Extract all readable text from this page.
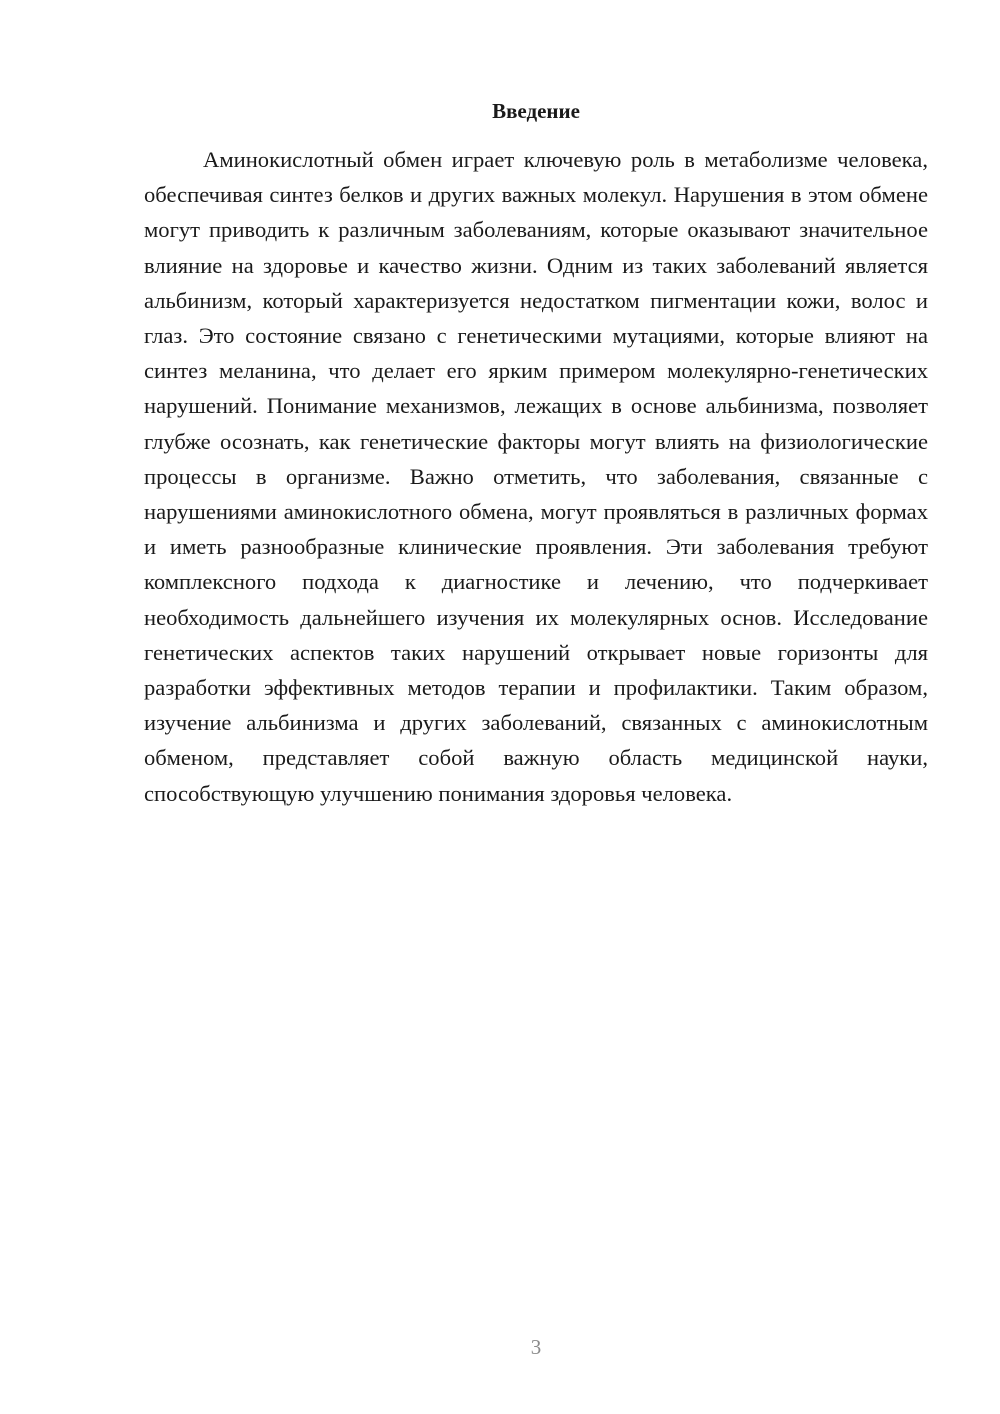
Введение

Аминокислотный обмен играет ключевую роль в метаболизме человека, обеспечивая синтез белков и других важных молекул. Нарушения в этом обмене могут приводить к различным заболеваниям, которые оказывают значительное влияние на здоровье и качество жизни. Одним из таких заболеваний является альбинизм, который характеризуется недостатком пигментации кожи, волос и глаз. Это состояние связано с генетическими мутациями, которые влияют на синтез меланина, что делает его ярким примером молекулярно-генетических нарушений. Понимание механизмов, лежащих в основе альбинизма, позволяет глубже осознать, как генетические факторы могут влиять на физиологические процессы в организме. Важно отметить, что заболевания, связанные с нарушениями аминокислотного обмена, могут проявляться в различных формах и иметь разнообразные клинические проявления. Эти заболевания требуют комплексного подхода к диагностике и лечению, что подчеркивает необходимость дальнейшего изучения их молекулярных основ. Исследование генетических аспектов таких нарушений открывает новые горизонты для разработки эффективных методов терапии и профилактики. Таким образом, изучение альбинизма и других заболеваний, связанных с аминокислотным обменом, представляет собой важную область медицинской науки, способствующую улучшению понимания здоровья человека.

3
